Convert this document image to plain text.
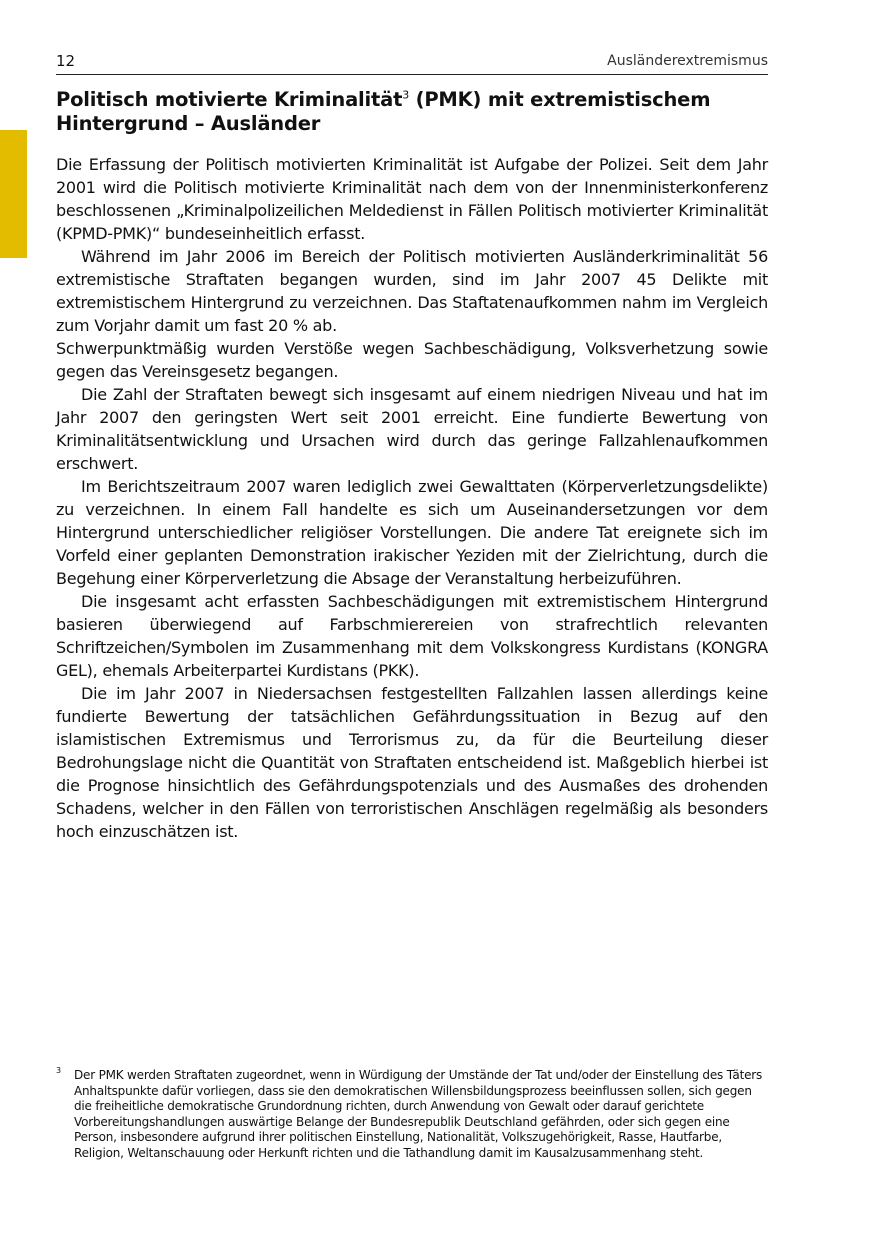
12	Ausländerextremismus
Politisch motivierte Kriminalität$^3$ (PMK) mit extremistischem Hintergrund – Ausländer

Die Erfassung der Politisch motivierten Kriminalität ist Aufgabe der Polizei. Seit dem Jahr 2001 wird die Politisch motivierte Kriminalität nach dem von der Innenministerkonferenz beschlossenen „Kriminalpolizeilichen Meldedienst in Fällen Politisch motivierter Kriminalität (KPMD-PMK)“ bundeseinheitlich erfasst.

Während im Jahr 2006 im Bereich der Politisch motivierten Ausländerkriminalität 56 extremistische Straftaten begangen wurden, sind im Jahr 2007 45 Delikte mit extremistischem Hintergrund zu verzeichnen. Das Staftatenaufkommen nahm im Vergleich zum Vorjahr damit um fast 20 % ab.

Schwerpunktmäßig wurden Verstöße wegen Sachbeschädigung, Volksverhetzung sowie gegen das Vereinsgesetz begangen.

Die Zahl der Straftaten bewegt sich insgesamt auf einem niedrigen Niveau und hat im Jahr 2007 den geringsten Wert seit 2001 erreicht. Eine fundierte Bewertung von Kriminalitätsentwicklung und Ursachen wird durch das geringe Fallzahlenaufkommen erschwert.

Im Berichtszeitraum 2007 waren lediglich zwei Gewalttaten (Körperverletzungsdelikte) zu verzeichnen. In einem Fall handelte es sich um Auseinandersetzungen vor dem Hintergrund unterschiedlicher religiöser Vorstellungen. Die andere Tat ereignete sich im Vorfeld einer geplanten Demonstration irakischer Yeziden mit der Zielrichtung, durch die Begehung einer Körperverletzung die Absage der Veranstaltung herbeizuführen.

Die insgesamt acht erfassten Sachbeschädigungen mit extremistischem Hintergrund basieren überwiegend auf Farbschmierereien von strafrechtlich relevanten Schriftzeichen/Symbolen im Zusammenhang mit dem Volkskongress Kurdistans (KONGRA GEL), ehemals Arbeiterpartei Kurdistans (PKK).

Die im Jahr 2007 in Niedersachsen festgestellten Fallzahlen lassen allerdings keine fundierte Bewertung der tatsächlichen Gefährdungssituation in Bezug auf den islamistischen Extremismus und Terrorismus zu, da für die Beurteilung dieser Bedrohungslage nicht die Quantität von Straftaten entscheidend ist. Maßgeblich hierbei ist die Prognose hinsichtlich des Gefährdungspotenzials und des Ausmaßes des drohenden Schadens, welcher in den Fällen von terroristischen Anschlägen regelmäßig als besonders hoch einzuschätzen ist.

3 Der PMK werden Straftaten zugeordnet, wenn in Würdigung der Umstände der Tat und/oder der Einstellung des Täters Anhaltspunkte dafür vorliegen, dass sie den demokratischen Willensbildungsprozess beeinflussen sollen, sich gegen die freiheitliche demokratische Grundordnung richten, durch Anwendung von Gewalt oder darauf gerichtete Vorbereitungshandlungen auswärtige Belange der Bundesrepublik Deutschland gefährden, oder sich gegen eine Person, insbesondere aufgrund ihrer politischen Einstellung, Nationalität, Volkszugehörigkeit, Rasse, Hautfarbe, Religion, Weltanschauung oder Herkunft richten und die Tathandlung damit im Kausalzusammenhang steht.
